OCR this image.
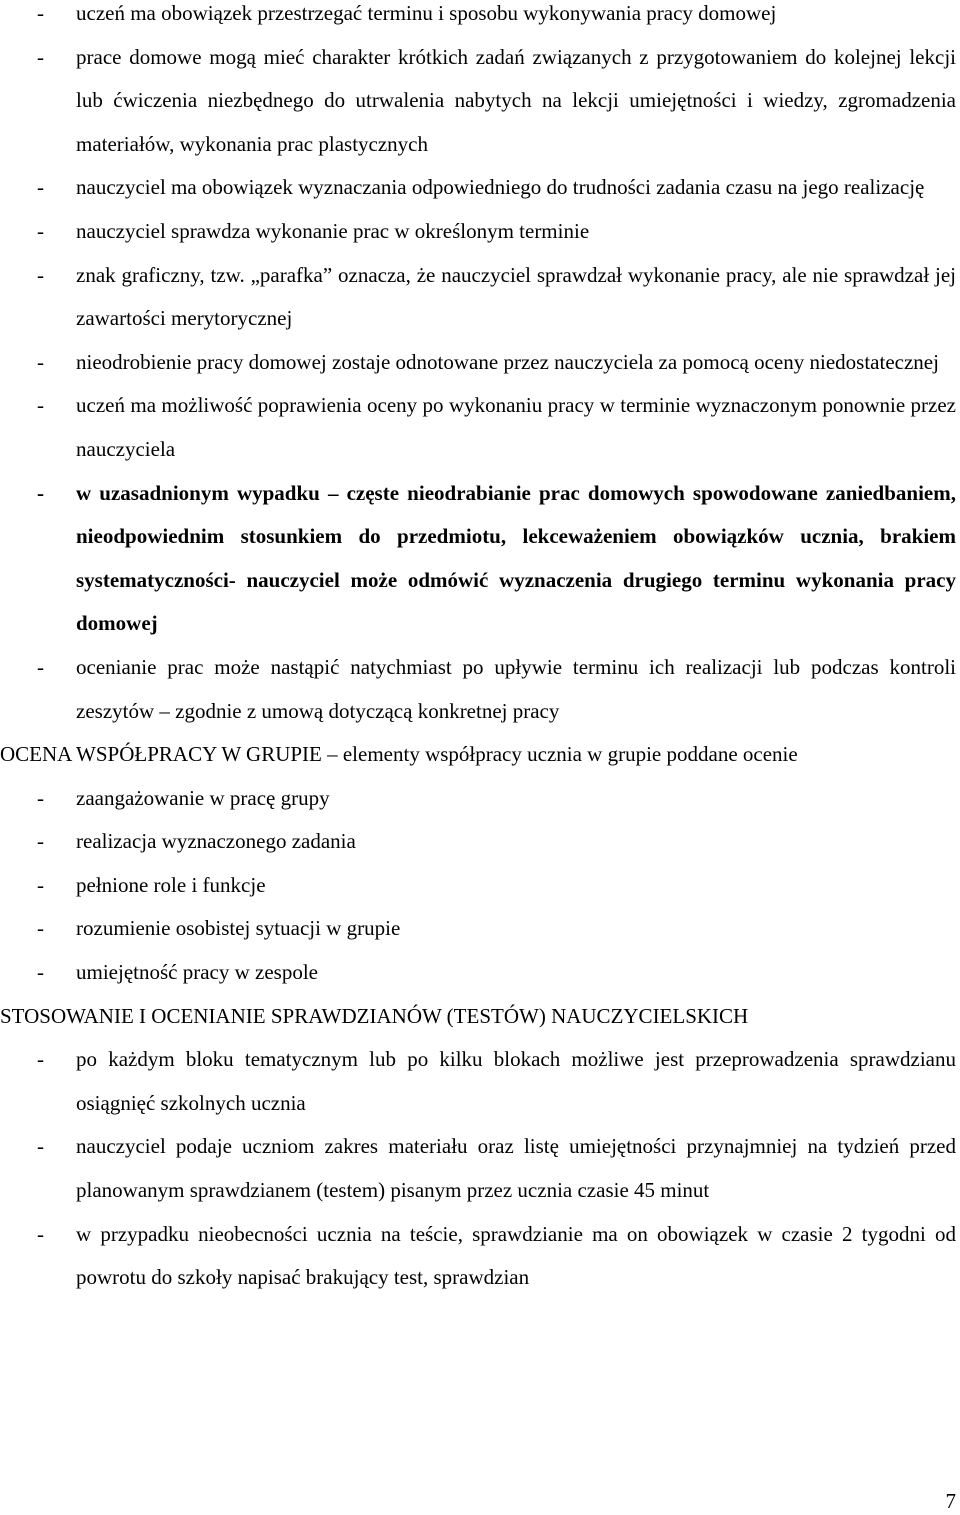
- uczeń ma obowiązek przestrzegać terminu i sposobu wykonywania pracy domowej
- prace domowe mogą mieć charakter krótkich zadań związanych z przygotowaniem do kolejnej lekcji lub ćwiczenia niezbędnego do utrwalenia nabytych na lekcji umiejętności i wiedzy, zgromadzenia materiałów, wykonania prac plastycznych
- nauczyciel ma obowiązek wyznaczania odpowiedniego do trudności zadania czasu na jego realizację
- nauczyciel sprawdza wykonanie prac w określonym terminie
- znak graficzny, tzw. „parafka” oznacza, że nauczyciel sprawdzał wykonanie pracy, ale nie sprawdzał jej zawartości merytorycznej
- nieodrobienie pracy domowej zostaje odnotowane przez nauczyciela za pomocą oceny niedostatecznej
- uczeń ma możliwość poprawienia oceny po wykonaniu pracy w terminie wyznaczonym ponownie przez nauczyciela
- w uzasadnionym wypadku – częste nieodrabianie prac domowych spowodowane zaniedbaniem, nieodpowiednim stosunkiem do przedmiotu, lekceważeniem obowiązków ucznia, brakiem systematyczności- nauczyciel może odmówić wyznaczenia drugiego terminu wykonania pracy domowej
- ocenianie prac może nastąpić natychmiast po upływie terminu ich realizacji lub podczas kontroli zeszytów – zgodnie z umową dotyczącą konkretnej pracy
OCENA WSPÓŁPRACY W GRUPIE – elementy współpracy ucznia w grupie poddane ocenie
- zaangażowanie w pracę grupy
- realizacja wyznaczonego zadania
- pełnione role i funkcje
- rozumienie osobistej sytuacji w grupie
- umiejętność pracy w zespole
STOSOWANIE I OCENIANIE SPRAWDZIANÓW (TESTÓW) NAUCZYCIELSKICH
- po każdym bloku tematycznym lub po kilku blokach możliwe jest przeprowadzenia sprawdzianu osiągnięć szkolnych ucznia
- nauczyciel podaje uczniom zakres materiału oraz listę umiejętności przynajmniej na tydzień przed planowanym sprawdzianem (testem) pisanym przez ucznia czasie 45 minut
- w przypadku nieobecności ucznia na teście, sprawdzianie ma on obowiązek w czasie 2 tygodni od powrotu do szkoły napisać brakujący test, sprawdzian
7
